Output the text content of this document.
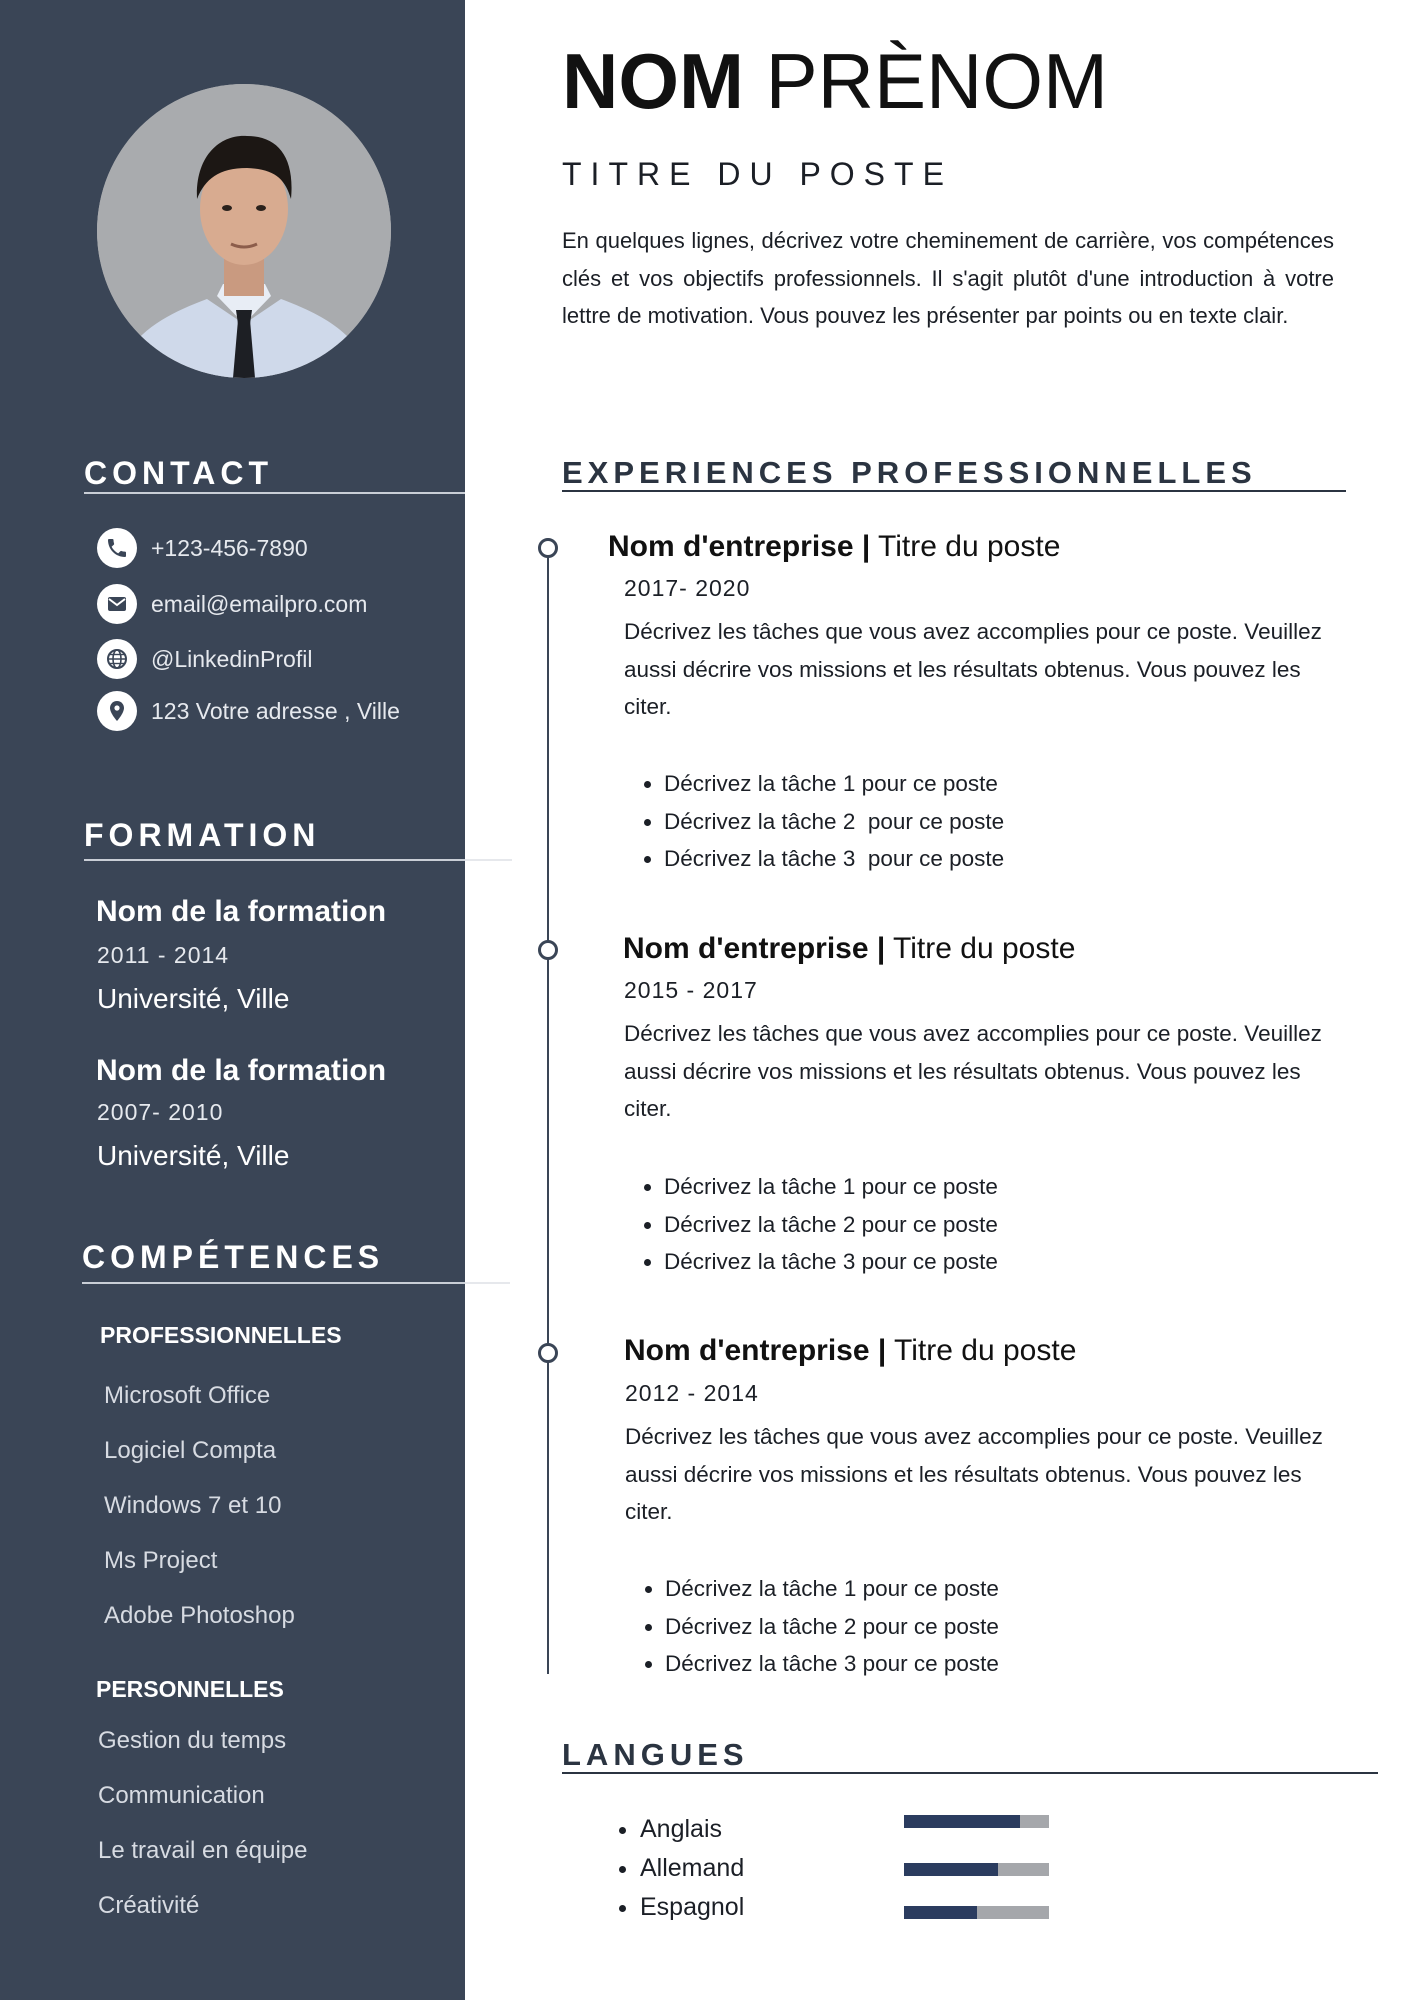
CONTACT
+123-456-7890
email@emailpro.com
@LinkedinProfil
123 Votre adresse , Ville
FORMATION
Nom de la formation
2011 - 2014
Université, Ville
Nom de la formation
2007- 2010
Université, Ville
COMPÉTENCES
PROFESSIONNELLES
Microsoft Office
Logiciel Compta
Windows 7 et 10
Ms Project
Adobe Photoshop
PERSONNELLES
Gestion du temps
Communication
Le travail en équipe
Créativité
NOM PRÈNOM
TITRE DU POSTE
En quelques lignes, décrivez votre cheminement de carrière, vos compétences clés et vos objectifs professionnels. Il s'agit plutôt d'une introduction à votre lettre de motivation. Vous pouvez les présenter par points ou en texte clair.
EXPERIENCES PROFESSIONNELLES
Nom d'entreprise | Titre du poste
2017- 2020
Décrivez les tâches que vous avez accomplies pour ce poste. Veuillez aussi décrire vos missions et les résultats obtenus. Vous pouvez les citer.
• Décrivez la tâche 1 pour ce poste
• Décrivez la tâche 2  pour ce poste
• Décrivez la tâche 3  pour ce poste
Nom d'entreprise | Titre du poste
2015 - 2017
Décrivez les tâches que vous avez accomplies pour ce poste. Veuillez aussi décrire vos missions et les résultats obtenus. Vous pouvez les citer.
• Décrivez la tâche 1 pour ce poste
• Décrivez la tâche 2 pour ce poste
• Décrivez la tâche 3 pour ce poste
Nom d'entreprise | Titre du poste
2012 - 2014
Décrivez les tâches que vous avez accomplies pour ce poste. Veuillez aussi décrire vos missions et les résultats obtenus. Vous pouvez les citer.
• Décrivez la tâche 1 pour ce poste
• Décrivez la tâche 2 pour ce poste
• Décrivez la tâche 3 pour ce poste
LANGUES
• Anglais
• Allemand
• Espagnol
